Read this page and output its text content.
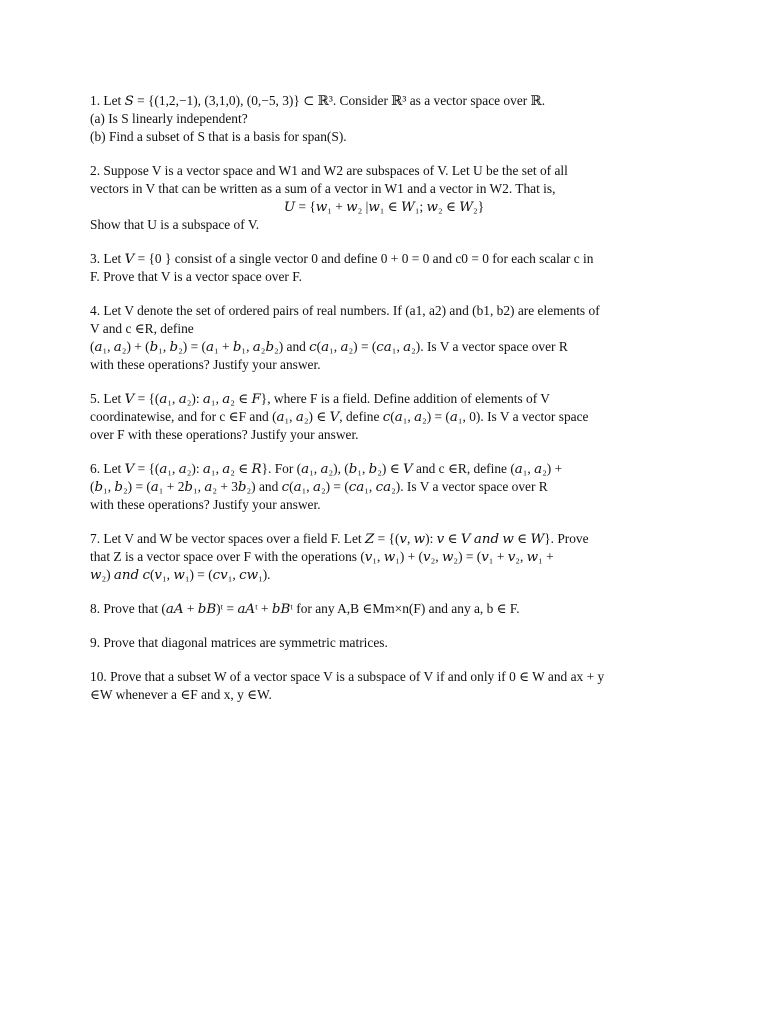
1. Let 𝑆 = {(1,2,−1), (3,1,0), (0,−5, 3)} ⊂ ℝ³. Consider ℝ³ as a vector space over ℝ.
(a) Is S linearly independent?
(b) Find a subset of S that is a basis for span(S).
2. Suppose V is a vector space and W1 and W2 are subspaces of V. Let U be the set of all
vectors in V that can be written as a sum of a vector in W1 and a vector in W2. That is,
𝑈 = {𝑤₁ + 𝑤₂ |𝑤₁ ∈ 𝑊₁; 𝑤₂ ∈ 𝑊₂}
Show that U is a subspace of V.
3. Let 𝑉 = {0 } consist of a single vector 0 and define 0 + 0 = 0 and c0 = 0 for each scalar c in
F. Prove that V is a vector space over F.
4. Let V denote the set of ordered pairs of real numbers. If (a1, a2) and (b1, b2) are elements of
V and c ∈R, define
(𝑎₁, 𝑎₂) + (𝑏₁, 𝑏₂) = (𝑎₁ + 𝑏₁, 𝑎₂𝑏₂) and 𝑐(𝑎₁, 𝑎₂) = (𝑐𝑎₁, 𝑎₂). Is V a vector space over R
with these operations? Justify your answer.
5. Let 𝑉 = {(𝑎₁, 𝑎₂): 𝑎₁, 𝑎₂ ∈ 𝐹}, where F is a field. Define addition of elements of V
coordinatewise, and for c ∈F and (𝑎₁, 𝑎₂) ∈ 𝑉, define 𝑐(𝑎₁, 𝑎₂) = (𝑎₁, 0). Is V a vector space
over F with these operations? Justify your answer.
6. Let 𝑉 = {(𝑎₁, 𝑎₂): 𝑎₁, 𝑎₂ ∈ 𝑅}. For (𝑎₁, 𝑎₂), (𝑏₁, 𝑏₂) ∈ 𝑉 and c ∈R, define (𝑎₁, 𝑎₂) +
(𝑏₁, 𝑏₂) = (𝑎₁ + 2𝑏₁, 𝑎₂ + 3𝑏₂) and 𝑐(𝑎₁, 𝑎₂) = (𝑐𝑎₁, 𝑐𝑎₂). Is V a vector space over R
with these operations? Justify your answer.
7. Let V and W be vector spaces over a field F. Let 𝑍 = {(𝑣, 𝑤): 𝑣 ∈ 𝑉 𝑎𝑛𝑑 𝑤 ∈ 𝑊}. Prove
that Z is a vector space over F with the operations (𝑣₁, 𝑤₁) + (𝑣₂, 𝑤₂) = (𝑣₁ + 𝑣₂, 𝑤₁ +
𝑤₂) 𝑎𝑛𝑑 𝑐(𝑣₁, 𝑤₁) = (𝑐𝑣₁, 𝑐𝑤₁).
8. Prove that (𝑎𝐴 + 𝑏𝐵)ᵗ = 𝑎𝐴ᵗ + 𝑏𝐵ᵗ for any A,B ∈Mm×n(F) and any a, b ∈ F.
9. Prove that diagonal matrices are symmetric matrices.
10. Prove that a subset W of a vector space V is a subspace of V if and only if 0 ∈ W and ax + y
∈W whenever a ∈F and x, y ∈W.
